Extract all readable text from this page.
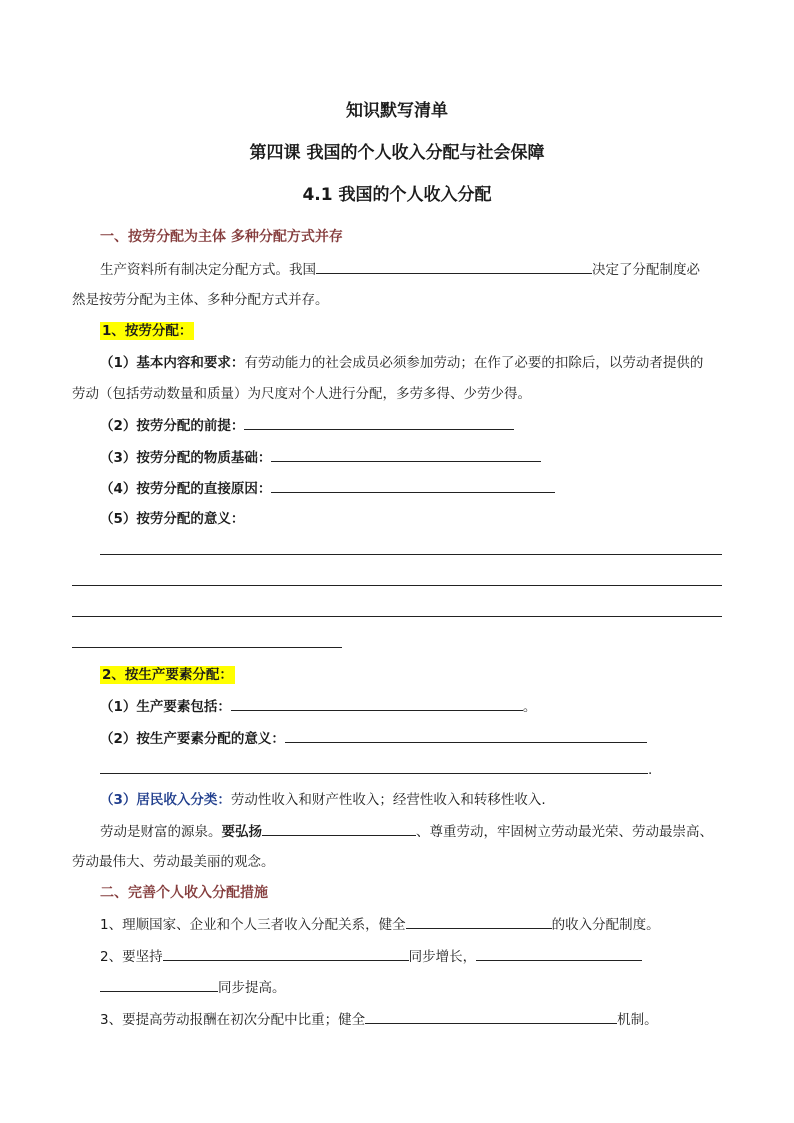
知识默写清单
第四课 我国的个人收入分配与社会保障
4.1 我国的个人收入分配
一、按劳分配为主体 多种分配方式并存
生产资料所有制决定分配方式。我国	决定了分配制度必
然是按劳分配为主体、多种分配方式并存。
1、按劳分配：
（1）基本内容和要求：有劳动能力的社会成员必须参加劳动；在作了必要的扣除后，以劳动者提供的
劳动（包括劳动数量和质量）为尺度对个人进行分配，多劳多得、少劳少得。
（2）按劳分配的前提：
（3）按劳分配的物质基础：
（4）按劳分配的直接原因：
（5）按劳分配的意义：
2、按生产要素分配：
（1）生产要素包括：	。
（2）按生产要素分配的意义：
.
（3）居民收入分类：劳动性收入和财产性收入；经营性收入和转移性收入.
劳动是财富的源泉。要弘扬	、尊重劳动，牢固树立劳动最光荣、劳动最崇高、
劳动最伟大、劳动最美丽的观念。
二、完善个人收入分配措施
1、理顺国家、企业和个人三者收入分配关系，健全	的收入分配制度。
2、要坚持	同步增长，
同步提高。
3、要提高劳动报酬在初次分配中比重；健全	机制。
